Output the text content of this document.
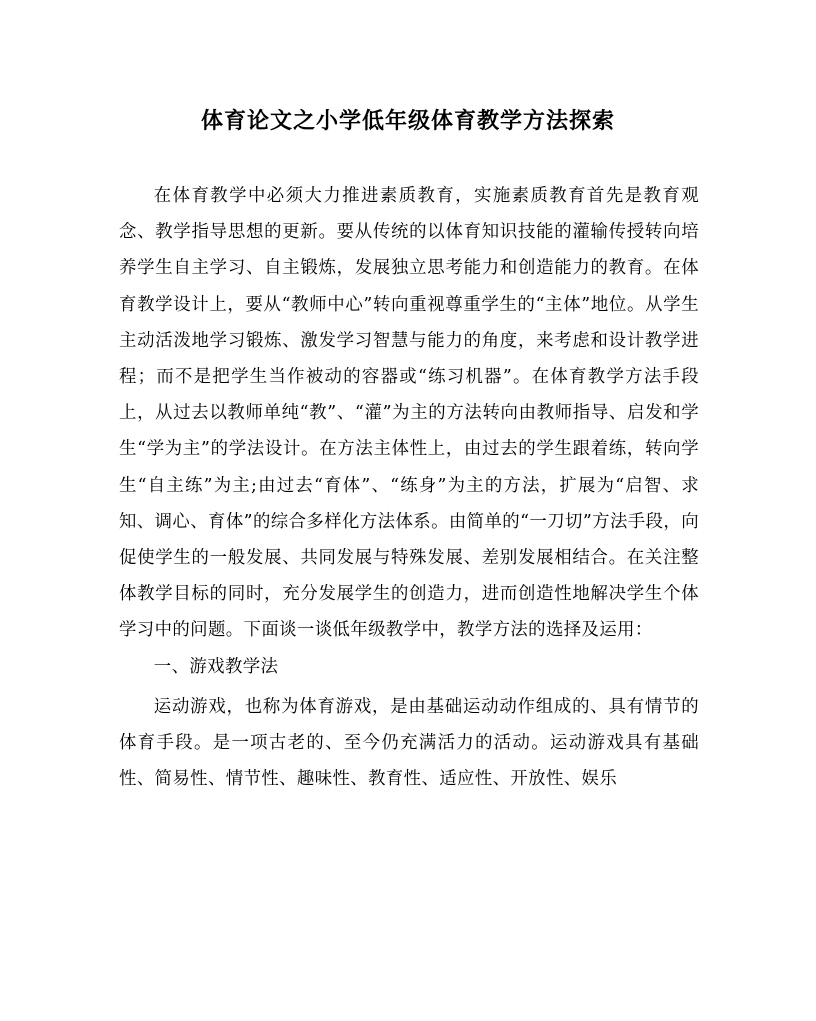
体育论文之小学低年级体育教学方法探索

在体育教学中必须大力推进素质教育，实施素质教育首先是教育观念、教学指导思想的更新。要从传统的以体育知识技能的灌输传授转向培养学生自主学习、自主锻炼，发展独立思考能力和创造能力的教育。在体育教学设计上，要从“教师中心”转向重视尊重学生的“主体”地位。从学生主动活泼地学习锻炼、激发学习智慧与能力的角度，来考虑和设计教学进程；而不是把学生当作被动的容器或“练习机器”。在体育教学方法手段上，从过去以教师单纯“教”、“灌”为主的方法转向由教师指导、启发和学生“学为主”的学法设计。在方法主体性上，由过去的学生跟着练，转向学生“自主练”为主;由过去“育体”、“练身”为主的方法，扩展为“启智、求知、调心、育体”的综合多样化方法体系。由简单的“一刀切”方法手段，向促使学生的一般发展、共同发展与特殊发展、差别发展相结合。在关注整体教学目标的同时，充分发展学生的创造力，进而创造性地解决学生个体学习中的问题。下面谈一谈低年级教学中，教学方法的选择及运用：

一、游戏教学法

运动游戏，也称为体育游戏，是由基础运动动作组成的、具有情节的体育手段。是一项古老的、至今仍充满活力的活动。运动游戏具有基础性、简易性、情节性、趣味性、教育性、适应性、开放性、娱乐
